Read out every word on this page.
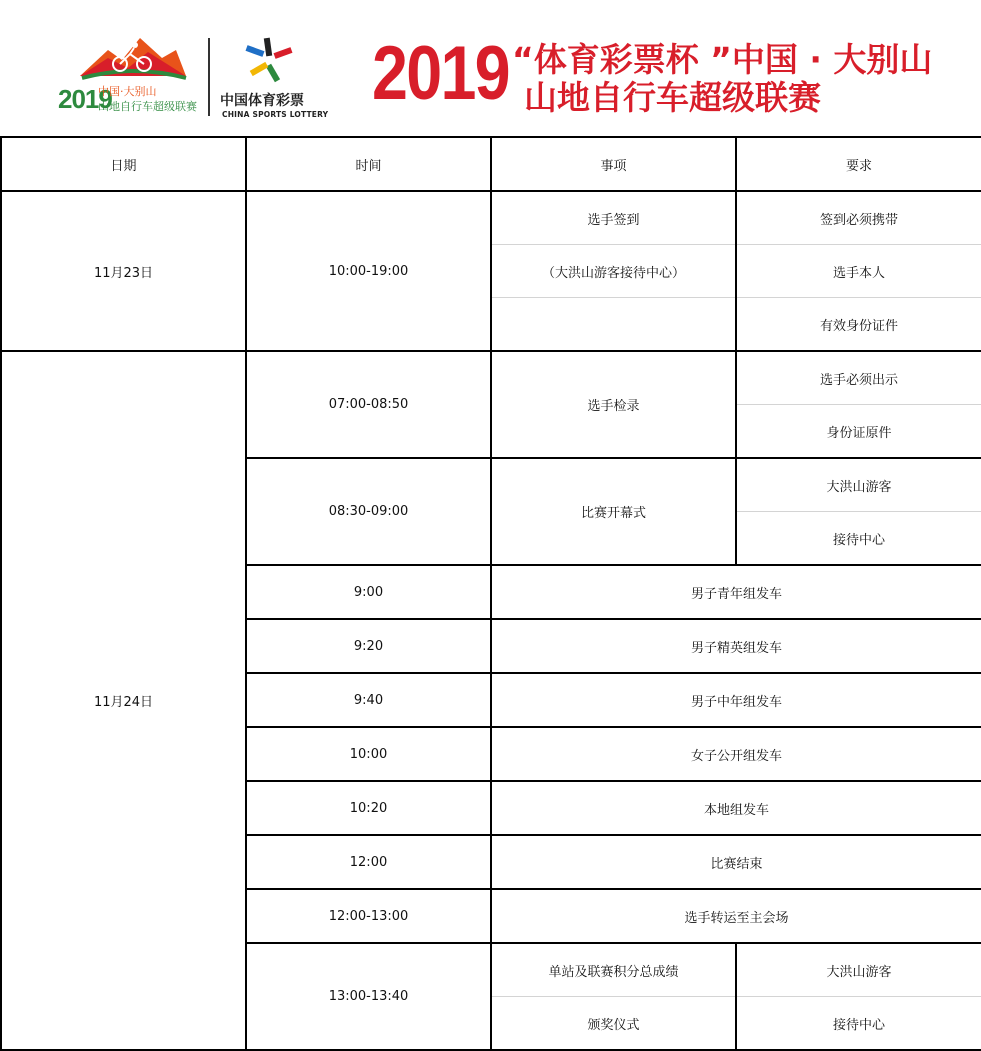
2019
中国·大别山
山地自行车超级联赛 中国体育彩票
CHINA SPORTS LOTTERY 2019 “体育彩票杯 ”中国 · 大别山
山地自行车超级联赛
日期	时间	事项	要求
11月23日	10:00-19:00	选手签到	签到必须携带
		（大洪山游客接待中心）	选手本人
			有效身份证件
11月24日	07:00-08:50	选手检录	选手必须出示
			身份证原件
	08:30-09:00	比赛开幕式	大洪山游客
			接待中心
	9:00	男子青年组发车	
	9:20	男子精英组发车	
	9:40	男子中年组发车	
	10:00	女子公开组发车	
	10:20	本地组发车	
	12:00	比赛结束	
	12:00-13:00	选手转运至主会场	
	13:00-13:40	单站及联赛积分总成绩	大洪山游客
		颁奖仪式	接待中心
